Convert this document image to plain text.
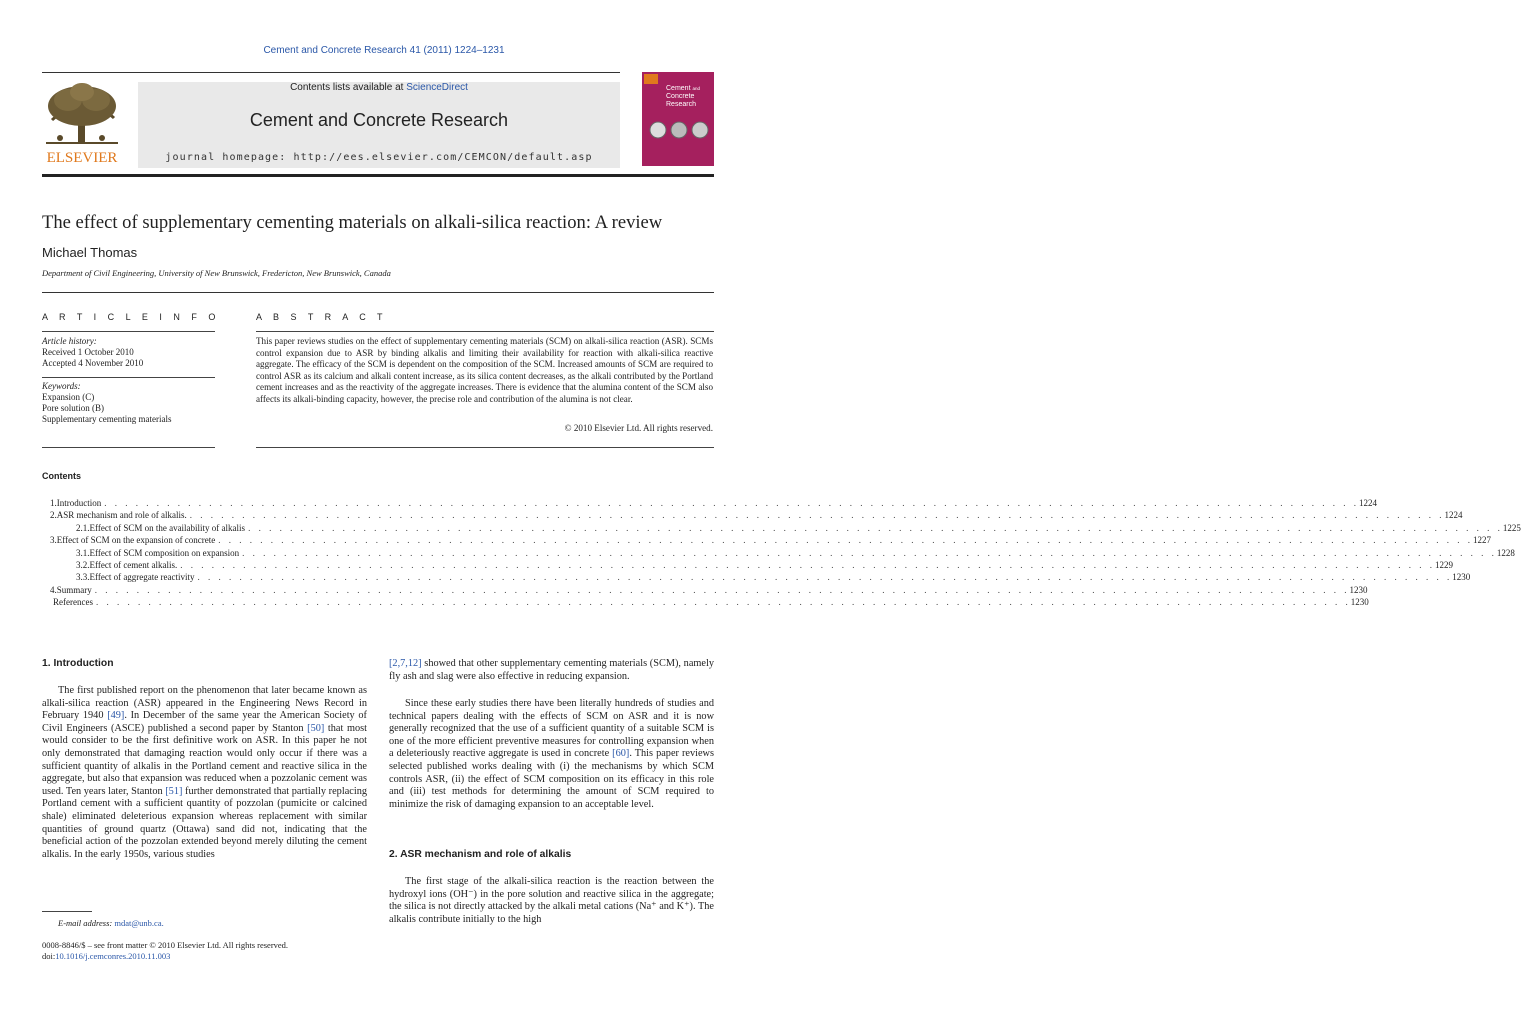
Cement and Concrete Research 41 (2011) 1224–1231
ELSEVIER
Contents lists available at ScienceDirect
Cement and Concrete Research
journal homepage: http://ees.elsevier.com/CEMCON/default.asp
Cement and
Concrete
Research
The effect of supplementary cementing materials on alkali-silica reaction: A review
Michael Thomas
Department of Civil Engineering, University of New Brunswick, Fredericton, New Brunswick, Canada
A R T I C L E I N F O
Article history:
Received 1 October 2010
Accepted 4 November 2010
Keywords:
Expansion (C)
Pore solution (B)
Supplementary cementing materials
A B S T R A C T
This paper reviews studies on the effect of supplementary cementing materials (SCM) on alkali-silica reaction (ASR). SCMs control expansion due to ASR by binding alkalis and limiting their availability for reaction with alkali-silica reactive aggregate. The efficacy of the SCM is dependent on the composition of the SCM. Increased amounts of SCM are required to control ASR as its calcium and alkali content increase, as its silica content decreases, as the alkali contributed by the Portland cement increases and as the reactivity of the aggregate increases. There is evidence that the alumina content of the SCM also affects its alkali-binding capacity, however, the precise role and contribution of the alumina is not clear.
© 2010 Elsevier Ltd. All rights reserved.
Contents
1. Introduction . . . . . . . . . . . . . . . . . . . . . . . . . . . . . . . . . . . . . . . . . . . . . . . . . . . . . . . . . . . . . . . . . . . . . . . . . . . . . . . . . . . . . . . . . . . . . . . . . . . . . . . . . . . . . . . . . . . . . . . . 1224
2. ASR mechanism and role of alkalis. . . . . . . . . . . . . . . . . . . . . . . . . . . . . . . . . . . . . . . . . . . . . . . . . . . . . . . . . . . . . . . . . . . . . . . . . . . . . . . . . . . . . . . . . . . . . . . . . . . . . . . . . . . . . . . . . . . . . . . . . 1224
2.1. Effect of SCM on the availability of alkalis . . . . . . . . . . . . . . . . . . . . . . . . . . . . . . . . . . . . . . . . . . . . . . . . . . . . . . . . . . . . . . . . . . . . . . . . . . . . . . . . . . . . . . . . . . . . . . . . . . . . . . . . . . . . . . . . . . . . . . . . 1225
3. Effect of SCM on the expansion of concrete . . . . . . . . . . . . . . . . . . . . . . . . . . . . . . . . . . . . . . . . . . . . . . . . . . . . . . . . . . . . . . . . . . . . . . . . . . . . . . . . . . . . . . . . . . . . . . . . . . . . . . . . . . . . . . . . . . . . . . . . 1227
3.1. Effect of SCM composition on expansion . . . . . . . . . . . . . . . . . . . . . . . . . . . . . . . . . . . . . . . . . . . . . . . . . . . . . . . . . . . . . . . . . . . . . . . . . . . . . . . . . . . . . . . . . . . . . . . . . . . . . . . . . . . . . . . . . . . . . . . . 1228
3.2. Effect of cement alkalis. . . . . . . . . . . . . . . . . . . . . . . . . . . . . . . . . . . . . . . . . . . . . . . . . . . . . . . . . . . . . . . . . . . . . . . . . . . . . . . . . . . . . . . . . . . . . . . . . . . . . . . . . . . . . . . . . . . . . . . . . 1229
3.3. Effect of aggregate reactivity . . . . . . . . . . . . . . . . . . . . . . . . . . . . . . . . . . . . . . . . . . . . . . . . . . . . . . . . . . . . . . . . . . . . . . . . . . . . . . . . . . . . . . . . . . . . . . . . . . . . . . . . . . . . . . . . . . . . . . . . 1230
4. Summary . . . . . . . . . . . . . . . . . . . . . . . . . . . . . . . . . . . . . . . . . . . . . . . . . . . . . . . . . . . . . . . . . . . . . . . . . . . . . . . . . . . . . . . . . . . . . . . . . . . . . . . . . . . . . . . . . . . . . . . . 1230
References . . . . . . . . . . . . . . . . . . . . . . . . . . . . . . . . . . . . . . . . . . . . . . . . . . . . . . . . . . . . . . . . . . . . . . . . . . . . . . . . . . . . . . . . . . . . . . . . . . . . . . . . . . . . . . . . . . . . . . . . 1230
1. Introduction
The first published report on the phenomenon that later became known as alkali-silica reaction (ASR) appeared in the Engineering News Record in February 1940 [49]. In December of the same year the American Society of Civil Engineers (ASCE) published a second paper by Stanton [50] that most would consider to be the first definitive work on ASR. In this paper he not only demonstrated that damaging reaction would only occur if there was a sufficient quantity of alkalis in the Portland cement and reactive silica in the aggregate, but also that expansion was reduced when a pozzolanic cement was used. Ten years later, Stanton [51] further demonstrated that partially replacing Portland cement with a sufficient quantity of pozzolan (pumicite or calcined shale) eliminated deleterious expansion whereas replacement with similar quantities of ground quartz (Ottawa) sand did not, indicating that the beneficial action of the pozzolan extended beyond merely diluting the cement alkalis. In the early 1950s, various studies
[2,7,12] showed that other supplementary cementing materials (SCM), namely fly ash and slag were also effective in reducing expansion.
Since these early studies there have been literally hundreds of studies and technical papers dealing with the effects of SCM on ASR and it is now generally recognized that the use of a sufficient quantity of a suitable SCM is one of the more efficient preventive measures for controlling expansion when a deleteriously reactive aggregate is used in concrete [60]. This paper reviews selected published works dealing with (i) the mechanisms by which SCM controls ASR, (ii) the effect of SCM composition on its efficacy in this role and (iii) test methods for determining the amount of SCM required to minimize the risk of damaging expansion to an acceptable level.
2. ASR mechanism and role of alkalis
The first stage of the alkali-silica reaction is the reaction between the hydroxyl ions (OH⁻) in the pore solution and reactive silica in the aggregate; the silica is not directly attacked by the alkali metal cations (Na⁺ and K⁺). The alkalis contribute initially to the high
E-mail address: mdat@unb.ca.
0008-8846/$ – see front matter © 2010 Elsevier Ltd. All rights reserved.
doi:10.1016/j.cemconres.2010.11.003
